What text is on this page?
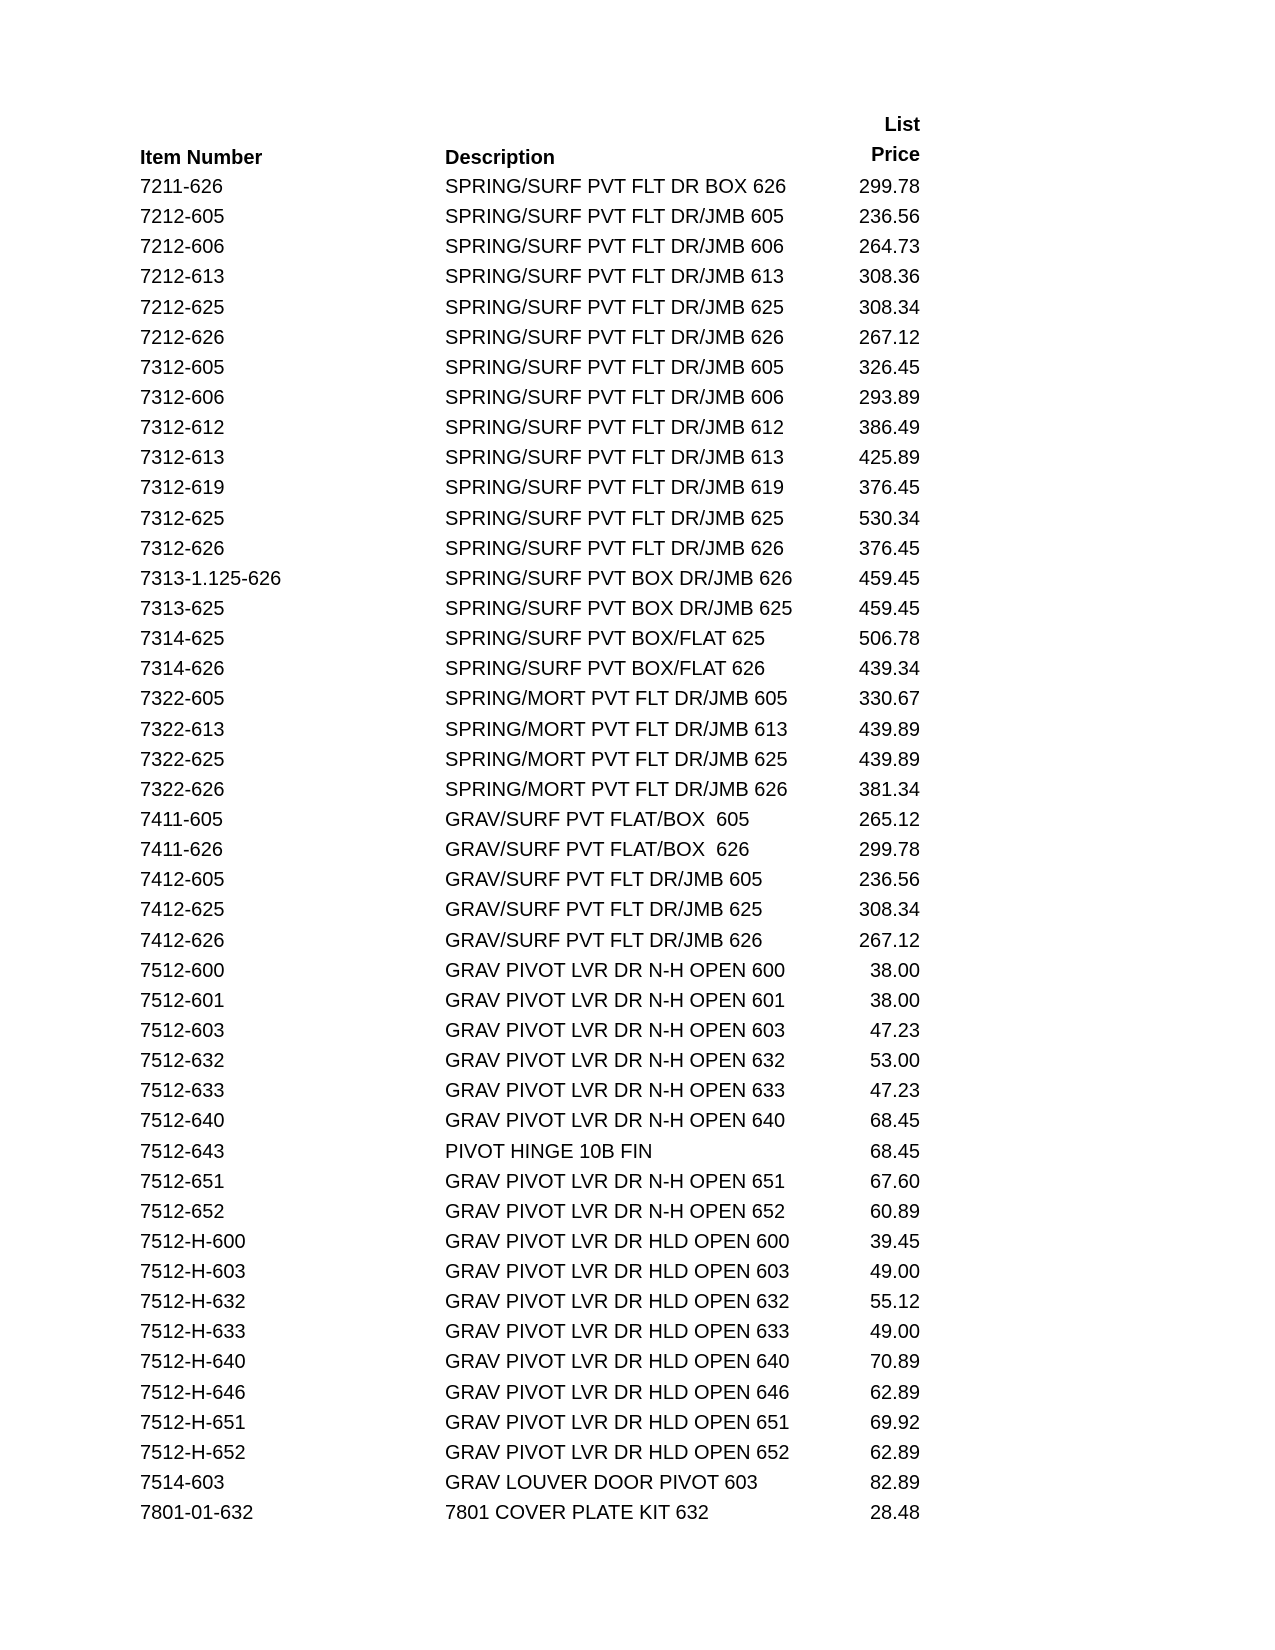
Item Number	Description
List
Price
7211-626	SPRING/SURF PVT FLT DR BOX 626	299.78
7212-605	SPRING/SURF PVT FLT DR/JMB 605	236.56
7212-606	SPRING/SURF PVT FLT DR/JMB 606	264.73
7212-613	SPRING/SURF PVT FLT DR/JMB 613	308.36
7212-625	SPRING/SURF PVT FLT DR/JMB 625	308.34
7212-626	SPRING/SURF PVT FLT DR/JMB 626	267.12
7312-605	SPRING/SURF PVT FLT DR/JMB 605	326.45
7312-606	SPRING/SURF PVT FLT DR/JMB 606	293.89
7312-612	SPRING/SURF PVT FLT DR/JMB 612	386.49
7312-613	SPRING/SURF PVT FLT DR/JMB 613	425.89
7312-619	SPRING/SURF PVT FLT DR/JMB 619	376.45
7312-625	SPRING/SURF PVT FLT DR/JMB 625	530.34
7312-626	SPRING/SURF PVT FLT DR/JMB 626	376.45
7313-1.125-626	SPRING/SURF PVT BOX DR/JMB 626	459.45
7313-625	SPRING/SURF PVT BOX DR/JMB 625	459.45
7314-625	SPRING/SURF PVT BOX/FLAT 625	506.78
7314-626	SPRING/SURF PVT BOX/FLAT 626	439.34
7322-605	SPRING/MORT PVT FLT DR/JMB 605	330.67
7322-613	SPRING/MORT PVT FLT DR/JMB 613	439.89
7322-625	SPRING/MORT PVT FLT DR/JMB 625	439.89
7322-626	SPRING/MORT PVT FLT DR/JMB 626	381.34
7411-605	GRAV/SURF PVT FLAT/BOX  605	265.12
7411-626	GRAV/SURF PVT FLAT/BOX  626	299.78
7412-605	GRAV/SURF PVT FLT DR/JMB 605	236.56
7412-625	GRAV/SURF PVT FLT DR/JMB 625	308.34
7412-626	GRAV/SURF PVT FLT DR/JMB 626	267.12
7512-600	GRAV PIVOT LVR DR N-H OPEN 600	38.00
7512-601	GRAV PIVOT LVR DR N-H OPEN 601	38.00
7512-603	GRAV PIVOT LVR DR N-H OPEN 603	47.23
7512-632	GRAV PIVOT LVR DR N-H OPEN 632	53.00
7512-633	GRAV PIVOT LVR DR N-H OPEN 633	47.23
7512-640	GRAV PIVOT LVR DR N-H OPEN 640	68.45
7512-643	PIVOT HINGE 10B FIN	68.45
7512-651	GRAV PIVOT LVR DR N-H OPEN 651	67.60
7512-652	GRAV PIVOT LVR DR N-H OPEN 652	60.89
7512-H-600	GRAV PIVOT LVR DR HLD OPEN 600	39.45
7512-H-603	GRAV PIVOT LVR DR HLD OPEN 603	49.00
7512-H-632	GRAV PIVOT LVR DR HLD OPEN 632	55.12
7512-H-633	GRAV PIVOT LVR DR HLD OPEN 633	49.00
7512-H-640	GRAV PIVOT LVR DR HLD OPEN 640	70.89
7512-H-646	GRAV PIVOT LVR DR HLD OPEN 646	62.89
7512-H-651	GRAV PIVOT LVR DR HLD OPEN 651	69.92
7512-H-652	GRAV PIVOT LVR DR HLD OPEN 652	62.89
7514-603	GRAV LOUVER DOOR PIVOT 603	82.89
7801-01-632	7801 COVER PLATE KIT 632	28.48
